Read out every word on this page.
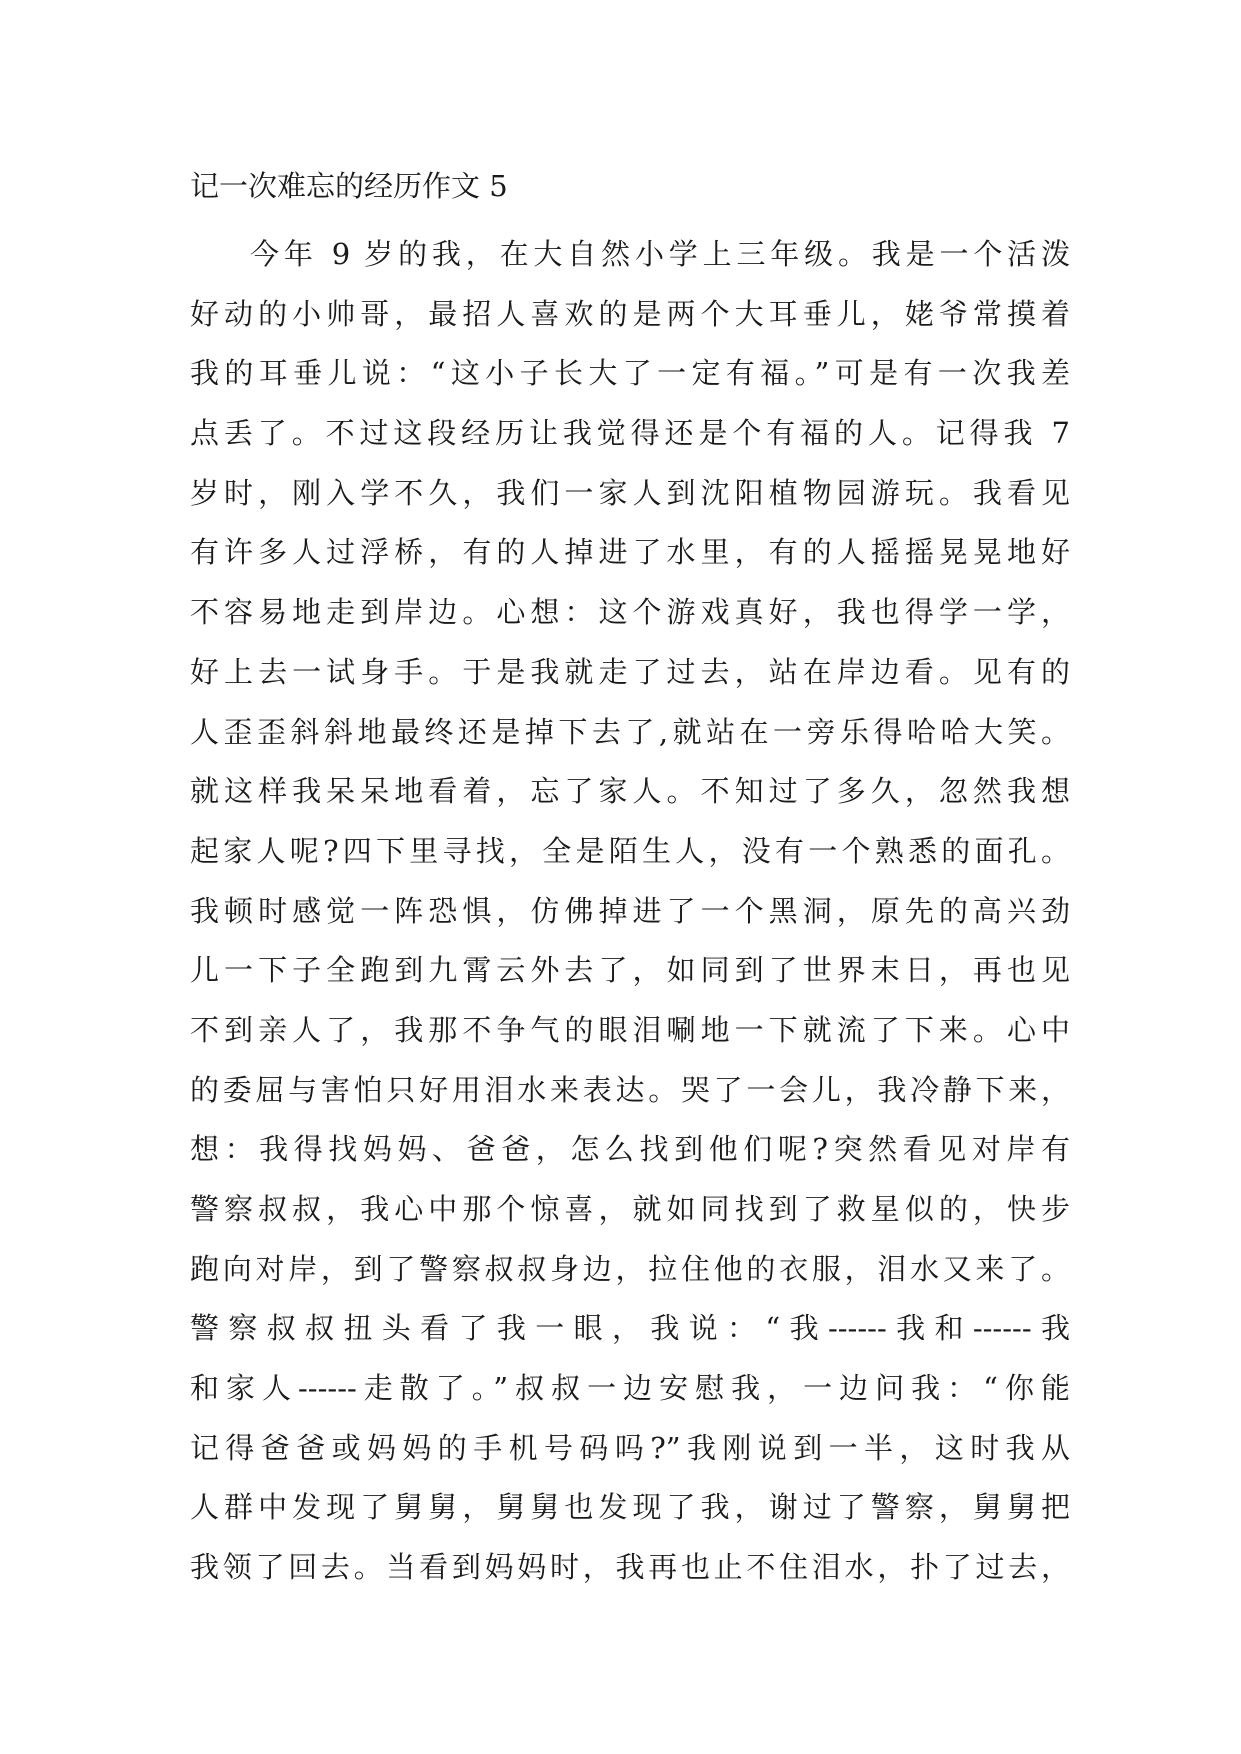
记一次难忘的经历作文 5
今年 9 岁的我，在大自然小学上三年级。我是一个活泼
好动的小帅哥，最招人喜欢的是两个大耳垂儿，姥爷常摸着
我的耳垂儿说：“这小子长大了一定有福。”可是有一次我差
点丢了。不过这段经历让我觉得还是个有福的人。记得我 7
岁时，刚入学不久，我们一家人到沈阳植物园游玩。我看见
有许多人过浮桥，有的人掉进了水里，有的人摇摇晃晃地好
不容易地走到岸边。心想：这个游戏真好，我也得学一学，
好上去一试身手。于是我就走了过去，站在岸边看。见有的
人歪歪斜斜地最终还是掉下去了,就站在一旁乐得哈哈大笑。
就这样我呆呆地看着，忘了家人。不知过了多久，忽然我想
起家人呢?四下里寻找，全是陌生人，没有一个熟悉的面孔。
我顿时感觉一阵恐惧，仿佛掉进了一个黑洞，原先的高兴劲
儿一下子全跑到九霄云外去了，如同到了世界末日，再也见
不到亲人了，我那不争气的眼泪唰地一下就流了下来。心中
的委屈与害怕只好用泪水来表达。哭了一会儿，我冷静下来，
想：我得找妈妈、爸爸，怎么找到他们呢?突然看见对岸有
警察叔叔，我心中那个惊喜，就如同找到了救星似的，快步
跑向对岸，到了警察叔叔身边，拉住他的衣服，泪水又来了。
警察叔叔扭头看了我一眼，我说：“我------我和------我
和家人------走散了。”叔叔一边安慰我，一边问我：“你能
记得爸爸或妈妈的手机号码吗?”我刚说到一半，这时我从
人群中发现了舅舅，舅舅也发现了我，谢过了警察，舅舅把
我领了回去。当看到妈妈时，我再也止不住泪水，扑了过去，
